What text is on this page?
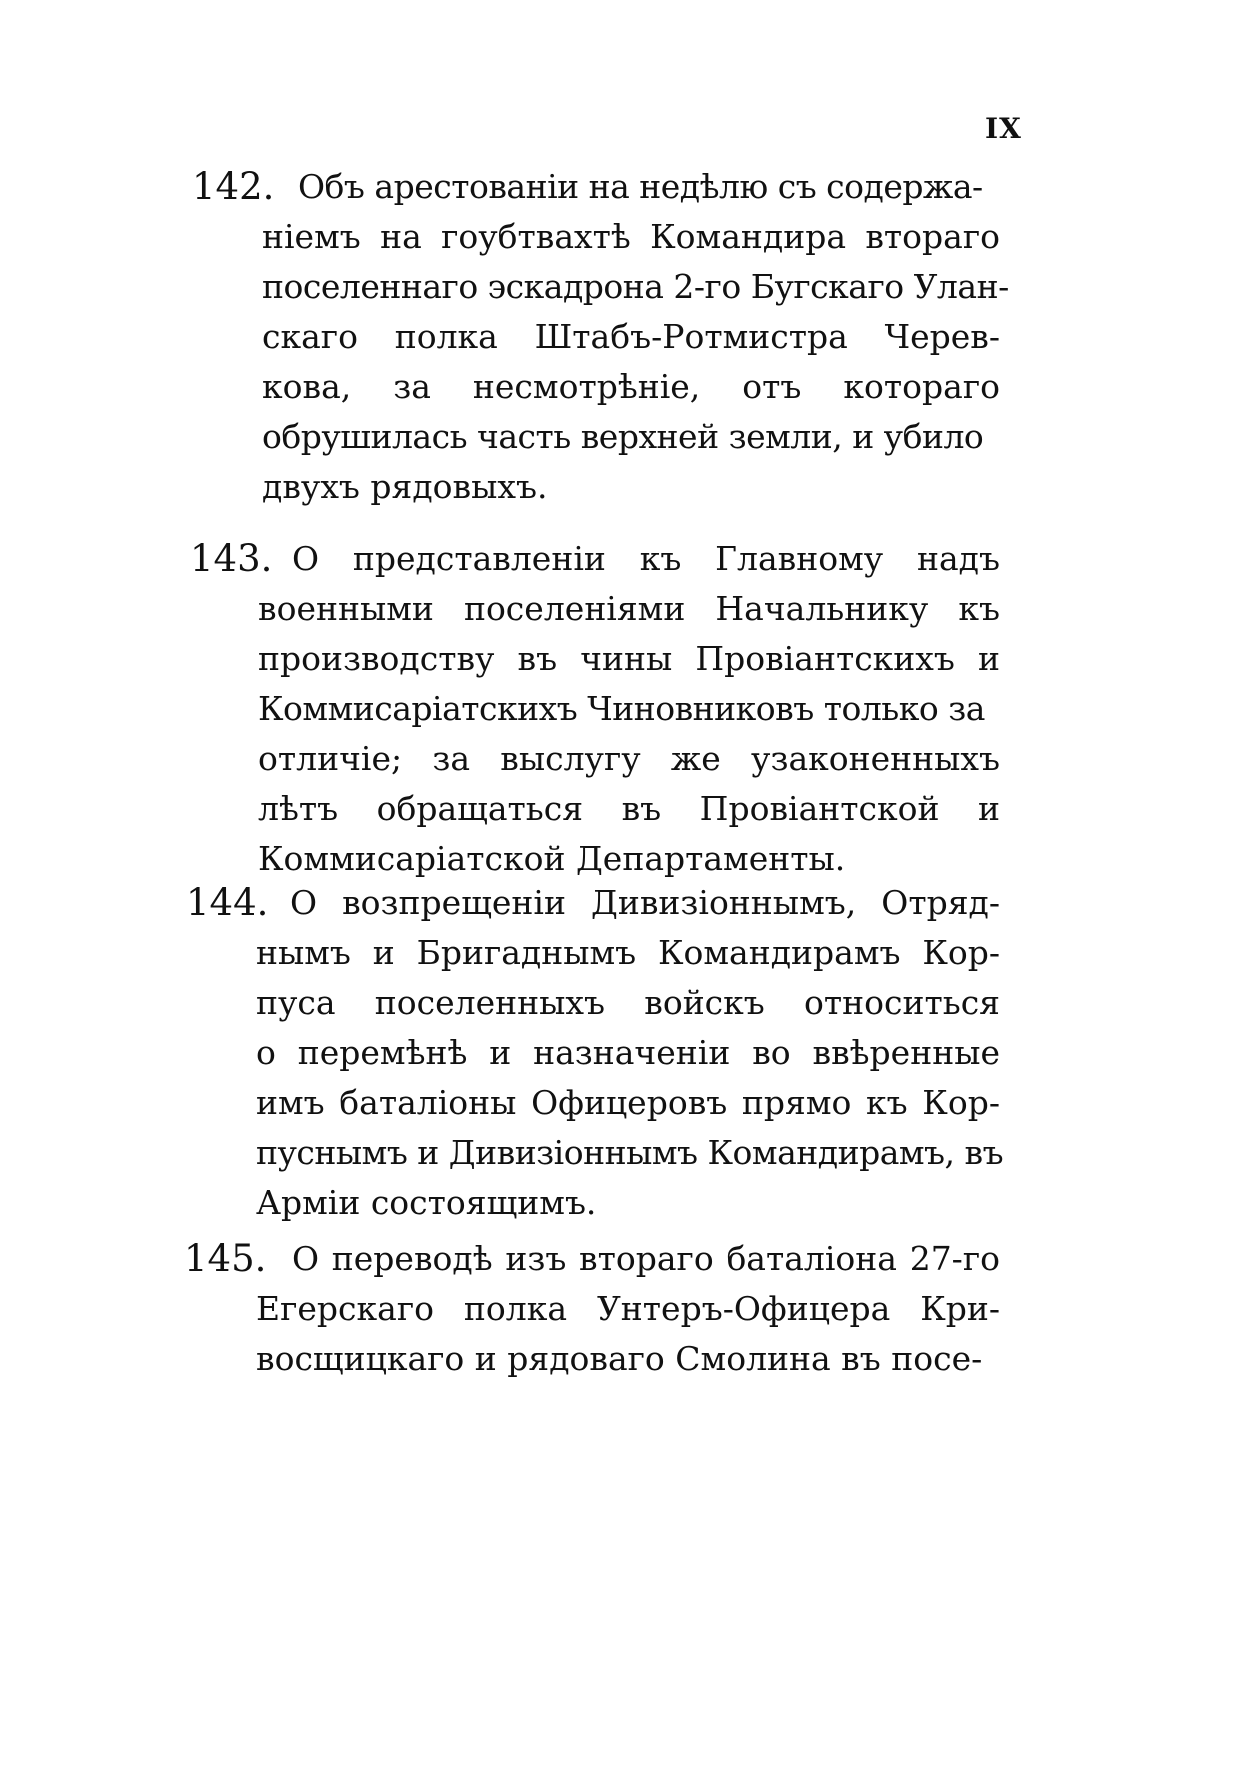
IX
142. Объ арестованіи на недѣлю съ содержа-
ніемъ на гоубтвахтѣ Командира втораго
поселеннаго эскадрона 2-го Бугскаго Улан-
скаго полка Штабъ-Ротмистра Черев-
кова, за несмотрѣніе, отъ котораго
обрушилась часть верхней земли, и убило
двухъ рядовыхъ.
143. О представленіи къ Главному надъ
военными поселеніями Начальнику къ
производству въ чины Провіантскихъ и
Коммисаріатскихъ Чиновниковъ только за
отличіе; за выслугу же узаконенныхъ
лѣтъ обращаться въ Провіантской и
Коммисаріатской Департаменты.
144. О возпрещеніи Дивизіоннымъ, Отряд-
нымъ и Бригаднымъ Командирамъ Кор-
пуса поселенныхъ войскъ относиться
о перемѣнѣ и назначеніи во ввѣренные
имъ баталіоны Офицеровъ прямо къ Кор-
пуснымъ и Дивизіоннымъ Командирамъ, въ
Арміи состоящимъ.
145. О переводѣ изъ втораго баталіона 27-го
Егерскаго полка Унтеръ-Офицера Кри-
восщицкаго и рядоваго Смолина въ посе-
